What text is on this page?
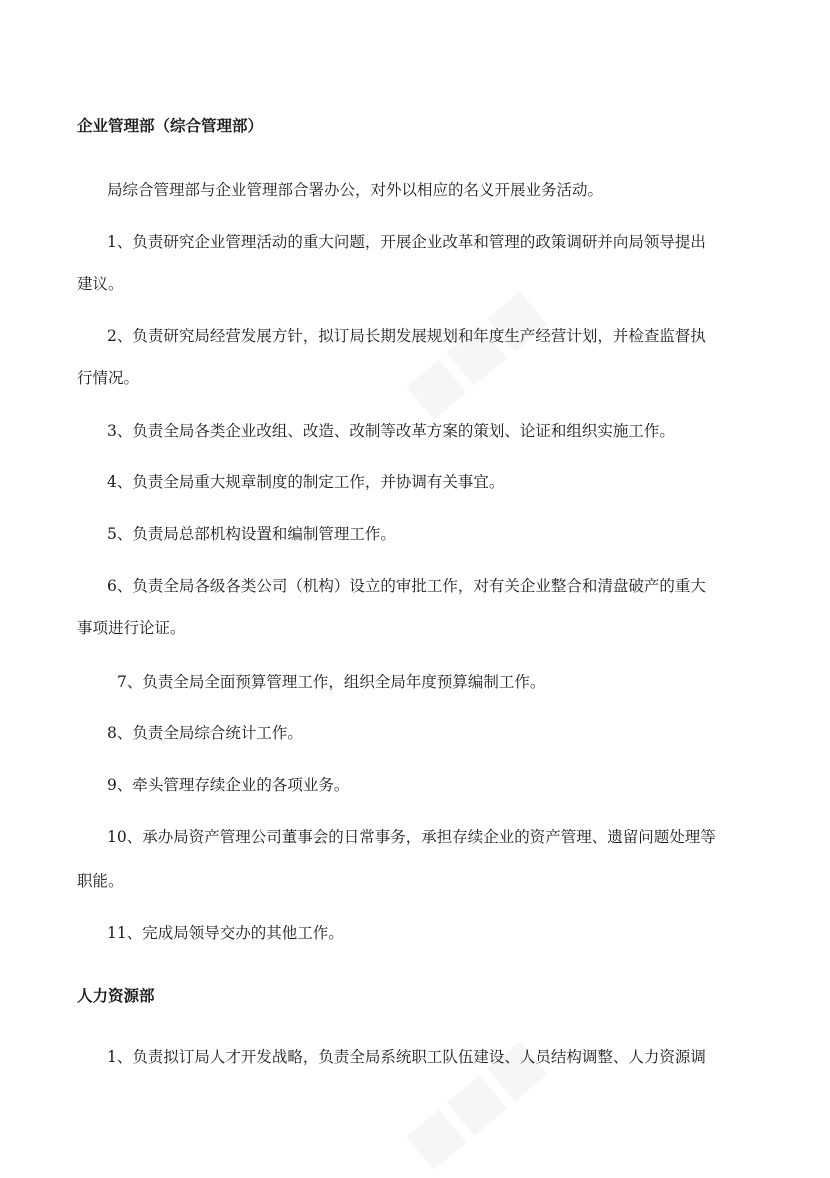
企业管理部（综合管理部）
局综合管理部与企业管理部合署办公，对外以相应的名义开展业务活动。
1、负责研究企业管理活动的重大问题，开展企业改革和管理的政策调研并向局领导提出
建议。
2、负责研究局经营发展方针，拟订局长期发展规划和年度生产经营计划，并检查监督执
行情况。
3、负责全局各类企业改组、改造、改制等改革方案的策划、论证和组织实施工作。
4、负责全局重大规章制度的制定工作，并协调有关事宜。
5、负责局总部机构设置和编制管理工作。
6、负责全局各级各类公司（机构）设立的审批工作，对有关企业整合和清盘破产的重大
事项进行论证。
7、负责全局全面预算管理工作，组织全局年度预算编制工作。
8、负责全局综合统计工作。
9、牵头管理存续企业的各项业务。
10、承办局资产管理公司董事会的日常事务，承担存续企业的资产管理、遗留问题处理等
职能。
11、完成局领导交办的其他工作。
人力资源部
1、负责拟订局人才开发战略，负责全局系统职工队伍建设、人员结构调整、人力资源调
